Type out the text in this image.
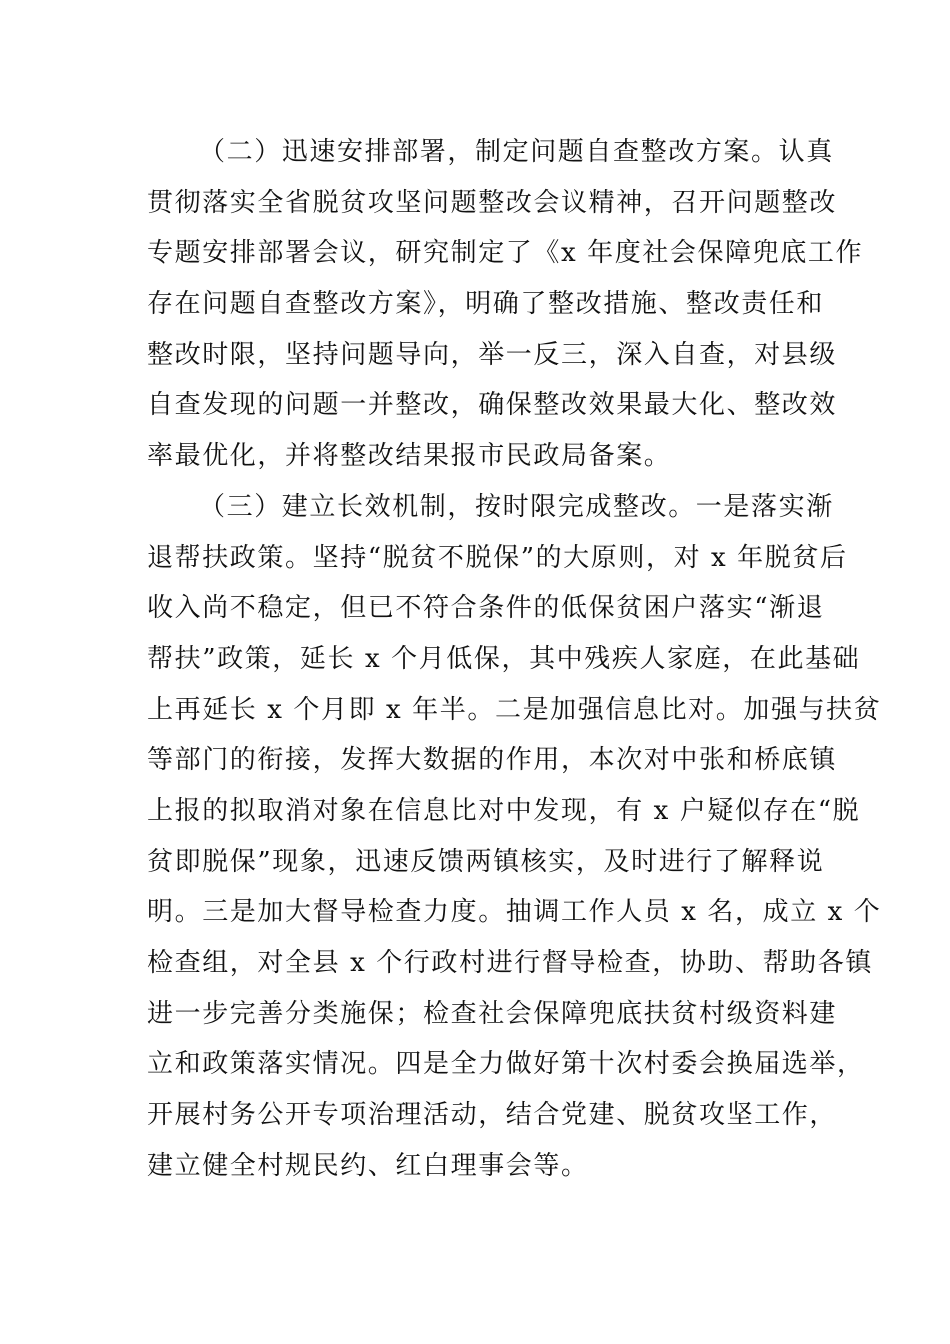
（二）迅速安排部署，制定问题自查整改方案。认真
贯彻落实全省脱贫攻坚问题整改会议精神，召开问题整改
专题安排部署会议，研究制定了《x 年度社会保障兜底工作
存在问题自查整改方案》，明确了整改措施、整改责任和
整改时限，坚持问题导向，举一反三，深入自查，对县级
自查发现的问题一并整改，确保整改效果最大化、整改效
率最优化，并将整改结果报市民政局备案。
（三）建立长效机制，按时限完成整改。一是落实渐
退帮扶政策。坚持“脱贫不脱保”的大原则，对 x 年脱贫后
收入尚不稳定，但已不符合条件的低保贫困户落实“渐退
帮扶”政策，延长 x 个月低保，其中残疾人家庭，在此基础
上再延长 x 个月即 x 年半。二是加强信息比对。加强与扶贫
等部门的衔接，发挥大数据的作用，本次对中张和桥底镇
上报的拟取消对象在信息比对中发现，有 x 户疑似存在“脱
贫即脱保”现象，迅速反馈两镇核实，及时进行了解释说
明。三是加大督导检查力度。抽调工作人员 x 名，成立 x 个
检查组，对全县 x 个行政村进行督导检查，协助、帮助各镇
进一步完善分类施保；检查社会保障兜底扶贫村级资料建
立和政策落实情况。四是全力做好第十次村委会换届选举，
开展村务公开专项治理活动，结合党建、脱贫攻坚工作，
建立健全村规民约、红白理事会等。
